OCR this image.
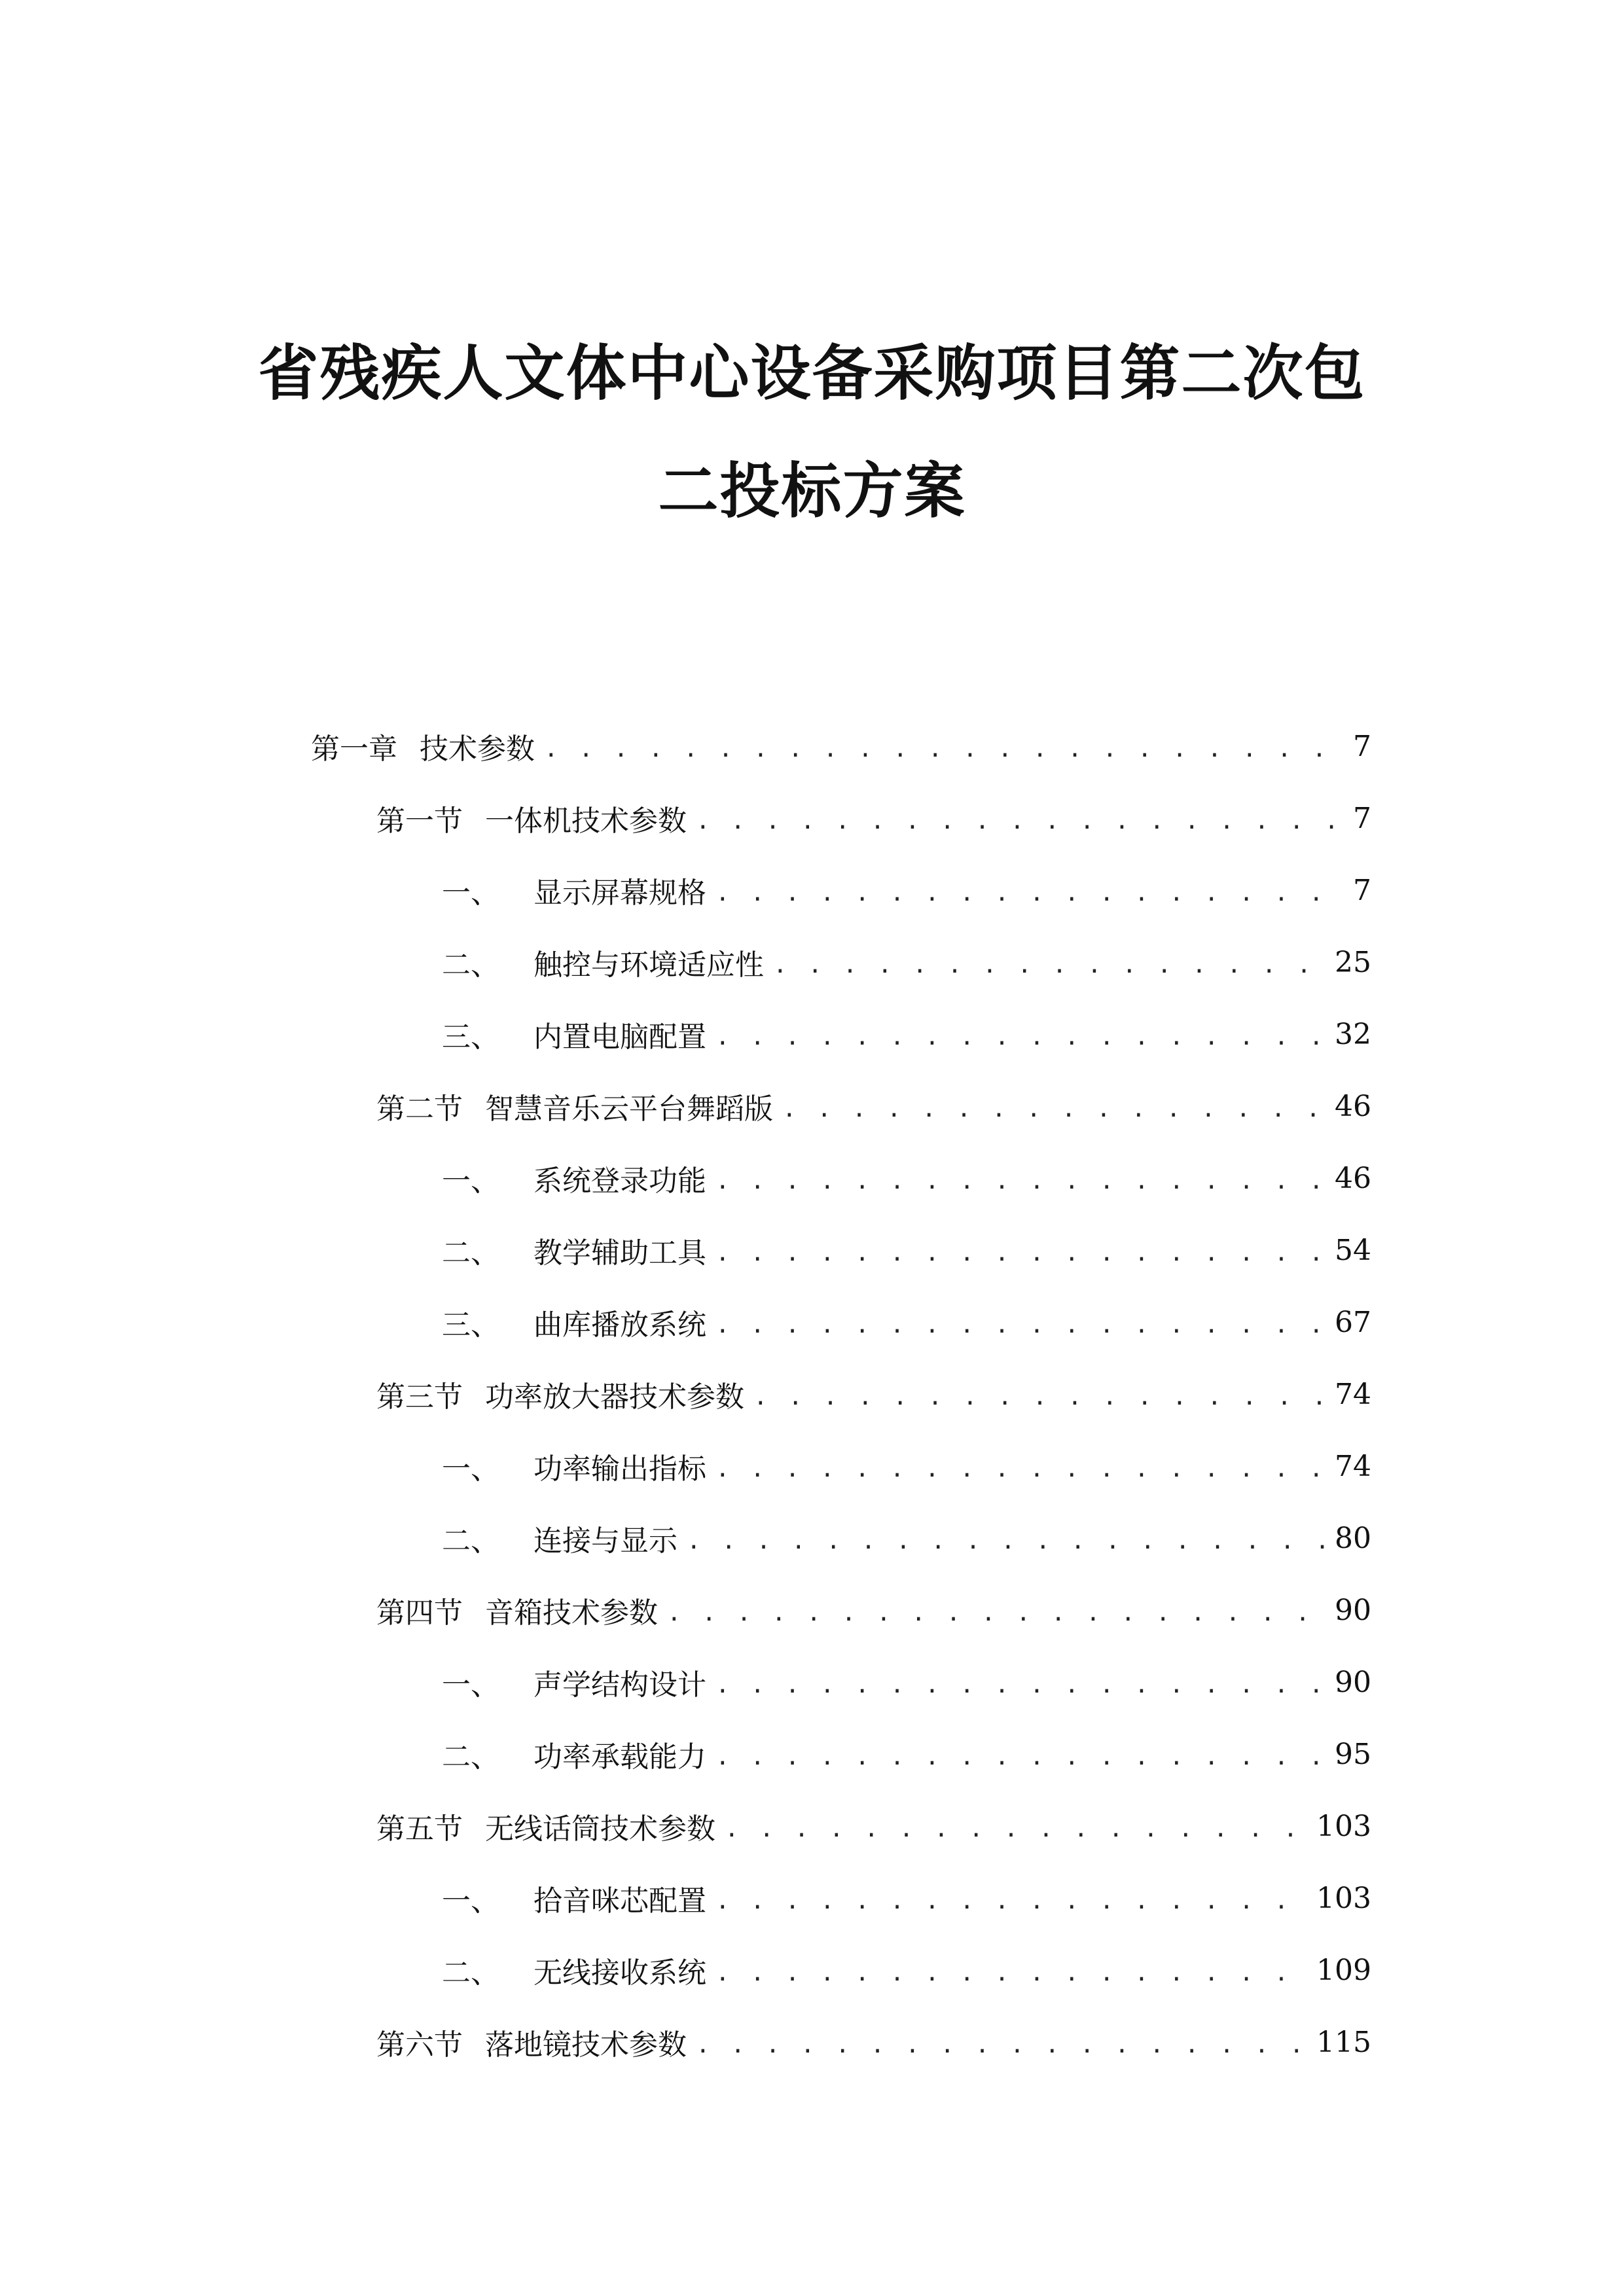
省残疾人文体中心设备采购项目第二次包
二投标方案
第一章 技术参数 . . .	7
第一节 一体机技术参数 . . .	7
一、 显示屏幕规格 . . .	7
二、 触控与环境适应性 . . .	25
三、 内置电脑配置 . . .	32
第二节 智慧音乐云平台舞蹈版 . . .	46
一、 系统登录功能 . . .	46
二、 教学辅助工具 . . .	54
三、 曲库播放系统 . . .	67
第三节 功率放大器技术参数 . . .	74
一、 功率输出指标 . . .	74
二、 连接与显示 . . .	80
第四节 音箱技术参数 . . .	90
一、 声学结构设计 . . .	90
二、 功率承载能力 . . .	95
第五节 无线话筒技术参数 . . .	103
一、 拾音咪芯配置 . . .	103
二、 无线接收系统 . . .	109
第六节 落地镜技术参数 . . .	115
